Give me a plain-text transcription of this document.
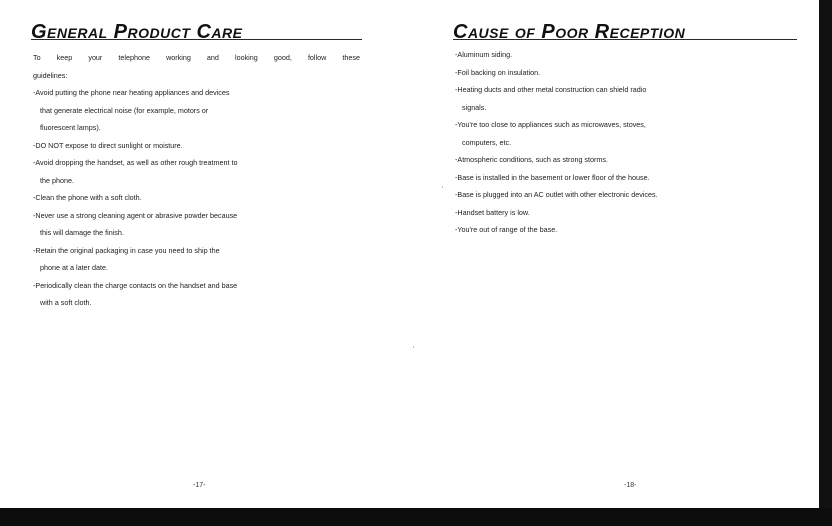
General Product Care
To keep your telephone working and looking good, follow these
guidelines:
-Avoid putting the phone near heating appliances and devices
that generate electrical noise (for example, motors or
fluorescent lamps).
-DO NOT expose to direct sunlight or moisture.
-Avoid dropping the handset, as well as other rough treatment to
the phone.
-Clean the phone with a soft cloth.
-Never use a strong cleaning agent or abrasive powder because
this will damage the finish.
-Retain the original packaging in case you need to ship the
phone at a later date.
-Periodically clean the charge contacts on the handset and base
with a soft cloth.
-17-
Cause of Poor Reception
-Aluminum siding.
-Foil backing on insulation.
-Heating ducts and other metal construction can shield radio
signals.
-You're too close to appliances such as microwaves, stoves,
computers, etc.
-Atmospheric conditions, such as strong storms.
-Base is installed in the basement or lower floor of the house.
-Base is plugged into an AC outlet with other electronic devices.
-Handset battery is low.
-You're out of range of the base.
-18-
